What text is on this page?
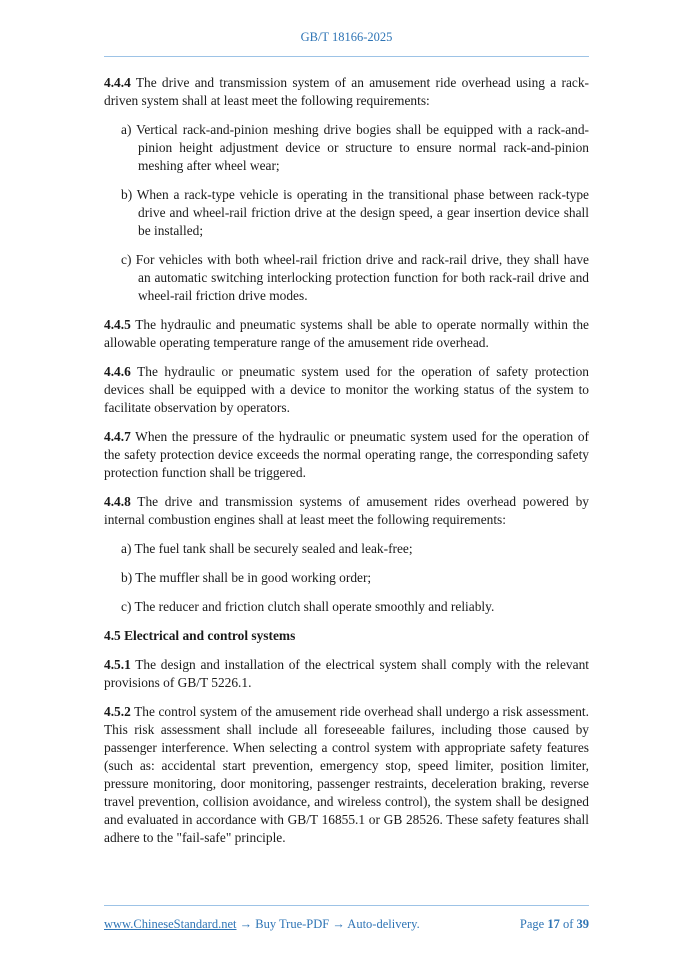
GB/T 18166-2025

4.4.4 The drive and transmission system of an amusement ride overhead using a rack-driven system shall at least meet the following requirements:

a) Vertical rack-and-pinion meshing drive bogies shall be equipped with a rack-and-pinion height adjustment device or structure to ensure normal rack-and-pinion meshing after wheel wear;

b) When a rack-type vehicle is operating in the transitional phase between rack-type drive and wheel-rail friction drive at the design speed, a gear insertion device shall be installed;

c) For vehicles with both wheel-rail friction drive and rack-rail drive, they shall have an automatic switching interlocking protection function for both rack-rail drive and wheel-rail friction drive modes.

4.4.5 The hydraulic and pneumatic systems shall be able to operate normally within the allowable operating temperature range of the amusement ride overhead.

4.4.6 The hydraulic or pneumatic system used for the operation of safety protection devices shall be equipped with a device to monitor the working status of the system to facilitate observation by operators.

4.4.7 When the pressure of the hydraulic or pneumatic system used for the operation of the safety protection device exceeds the normal operating range, the corresponding safety protection function shall be triggered.

4.4.8 The drive and transmission systems of amusement rides overhead powered by internal combustion engines shall at least meet the following requirements:

a) The fuel tank shall be securely sealed and leak-free;

b) The muffler shall be in good working order;

c) The reducer and friction clutch shall operate smoothly and reliably.

4.5 Electrical and control systems

4.5.1 The design and installation of the electrical system shall comply with the relevant provisions of GB/T 5226.1.

4.5.2 The control system of the amusement ride overhead shall undergo a risk assessment. This risk assessment shall include all foreseeable failures, including those caused by passenger interference. When selecting a control system with appropriate safety features (such as: accidental start prevention, emergency stop, speed limiter, position limiter, pressure monitoring, door monitoring, passenger restraints, deceleration braking, reverse travel prevention, collision avoidance, and wireless control), the system shall be designed and evaluated in accordance with GB/T 16855.1 or GB 28526. These safety features shall adhere to the "fail-safe" principle.

www.ChineseStandard.net → Buy True-PDF → Auto-delivery.	Page 17 of 39
